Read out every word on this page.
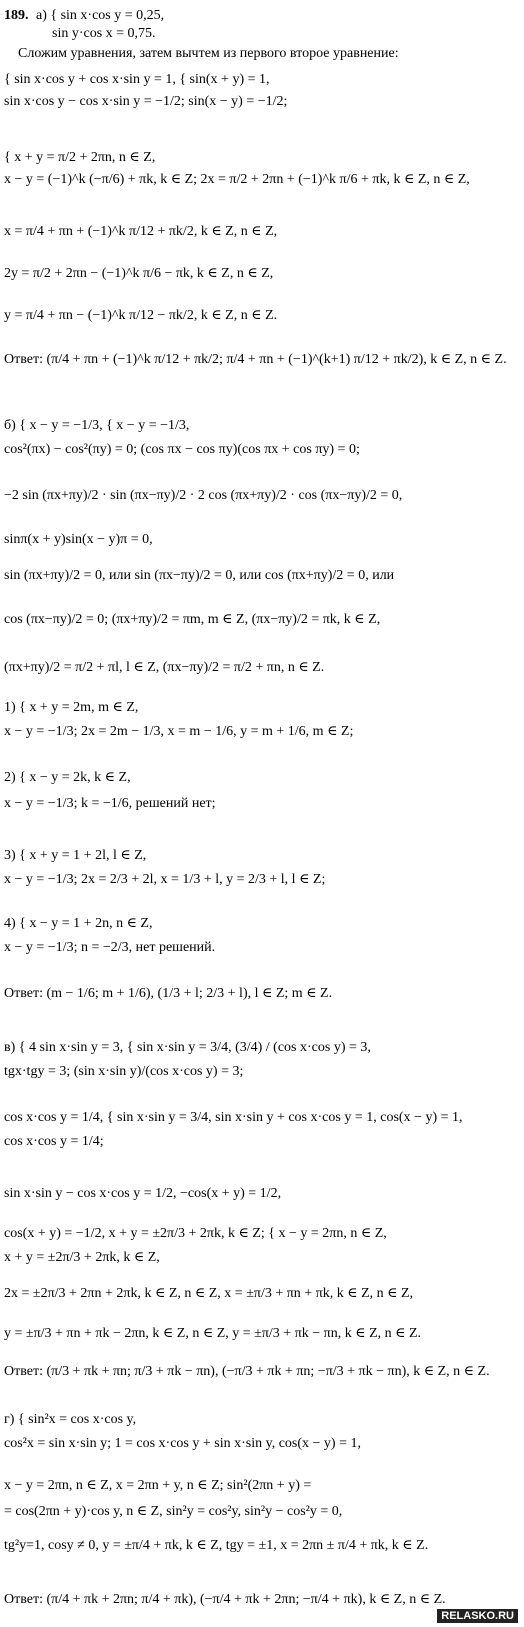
189. а) { sin x·cos y = 0,25,
sin y·cos x = 0,75.
Сложим уравнения, затем вычтем из первого второе уравнение:
{ sin x·cos y + cos x·sin y = 1, { sin(x + y) = 1,
sin x·cos y − cos x·sin y = −1/2; sin(x − y) = −1/2;
{ x + y = π/2 + 2πn, n ∈ Z,
x − y = (−1)^k (−π/6) + πk, k ∈ Z; 2x = π/2 + 2πn + (−1)^k π/6 + πk, k ∈ Z, n ∈ Z,
x = π/4 + πn + (−1)^k π/12 + πk/2, k ∈ Z, n ∈ Z,
2y = π/2 + 2πn − (−1)^k π/6 − πk, k ∈ Z, n ∈ Z,
y = π/4 + πn − (−1)^k π/12 − πk/2, k ∈ Z, n ∈ Z.
Ответ: (π/4 + πn + (−1)^k π/12 + πk/2; π/4 + πn + (−1)^(k+1) π/12 + πk/2), k ∈ Z, n ∈ Z.
б) { x − y = −1/3, { x − y = −1/3,
cos²(πx) − cos²(πy) = 0; (cos πx − cos πy)(cos πx + cos πy) = 0;
−2 sin (πx+πy)/2 · sin (πx−πy)/2 · 2 cos (πx+πy)/2 · cos (πx−πy)/2 = 0,
sinπ(x + y)sin(x − y)π = 0,
sin (πx+πy)/2 = 0, или sin (πx−πy)/2 = 0, или cos (πx+πy)/2 = 0, или
cos (πx−πy)/2 = 0; (πx+πy)/2 = πm, m ∈ Z, (πx−πy)/2 = πk, k ∈ Z,
(πx+πy)/2 = π/2 + πl, l ∈ Z, (πx−πy)/2 = π/2 + πn, n ∈ Z.
1) { x + y = 2m, m ∈ Z,
x − y = −1/3; 2x = 2m − 1/3, x = m − 1/6, y = m + 1/6, m ∈ Z;
2) { x − y = 2k, k ∈ Z,
x − y = −1/3; k = −1/6, решений нет;
3) { x + y = 1 + 2l, l ∈ Z,
x − y = −1/3; 2x = 2/3 + 2l, x = 1/3 + l, y = 2/3 + l, l ∈ Z;
4) { x − y = 1 + 2n, n ∈ Z,
x − y = −1/3; n = −2/3, нет решений.
Ответ: (m − 1/6; m + 1/6), (1/3 + l; 2/3 + l), l ∈ Z; m ∈ Z.
в) { 4 sin x·sin y = 3, { sin x·sin y = 3/4, (3/4) / (cos x·cos y) = 3,
tgx·tgy = 3; (sin x·sin y)/(cos x·cos y) = 3;
cos x·cos y = 1/4, { sin x·sin y = 3/4, sin x·sin y + cos x·cos y = 1, cos(x − y) = 1,
cos x·cos y = 1/4;
sin x·sin y − cos x·cos y = 1/2, −cos(x + y) = 1/2,
cos(x + y) = −1/2, x + y = ±2π/3 + 2πk, k ∈ Z; { x − y = 2πn, n ∈ Z,
x + y = ±2π/3 + 2πk, k ∈ Z,
2x = ±2π/3 + 2πn + 2πk, k ∈ Z, n ∈ Z, x = ±π/3 + πn + πk, k ∈ Z, n ∈ Z,
y = ±π/3 + πn + πk − 2πn, k ∈ Z, n ∈ Z, y = ±π/3 + πk − πn, k ∈ Z, n ∈ Z.
Ответ: (π/3 + πk + πn; π/3 + πk − πn), (−π/3 + πk + πn; −π/3 + πk − πn), k ∈ Z, n ∈ Z.
г) { sin²x = cos x·cos y,
cos²x = sin x·sin y; 1 = cos x·cos y + sin x·sin y, cos(x − y) = 1,
x − y = 2πn, n ∈ Z, x = 2πn + y, n ∈ Z; sin²(2πn + y) =
= cos(2πn + y)·cos y, n ∈ Z, sin²y = cos²y, sin²y − cos²y = 0,
tg²y=1, cosy ≠ 0, y = ±π/4 + πk, k ∈ Z, tgy = ±1, x = 2πn ± π/4 + πk, k ∈ Z.
Ответ: (π/4 + πk + 2πn; π/4 + πk), (−π/4 + πk + 2πn; −π/4 + πk), k ∈ Z, n ∈ Z.
RELASKO.RU
